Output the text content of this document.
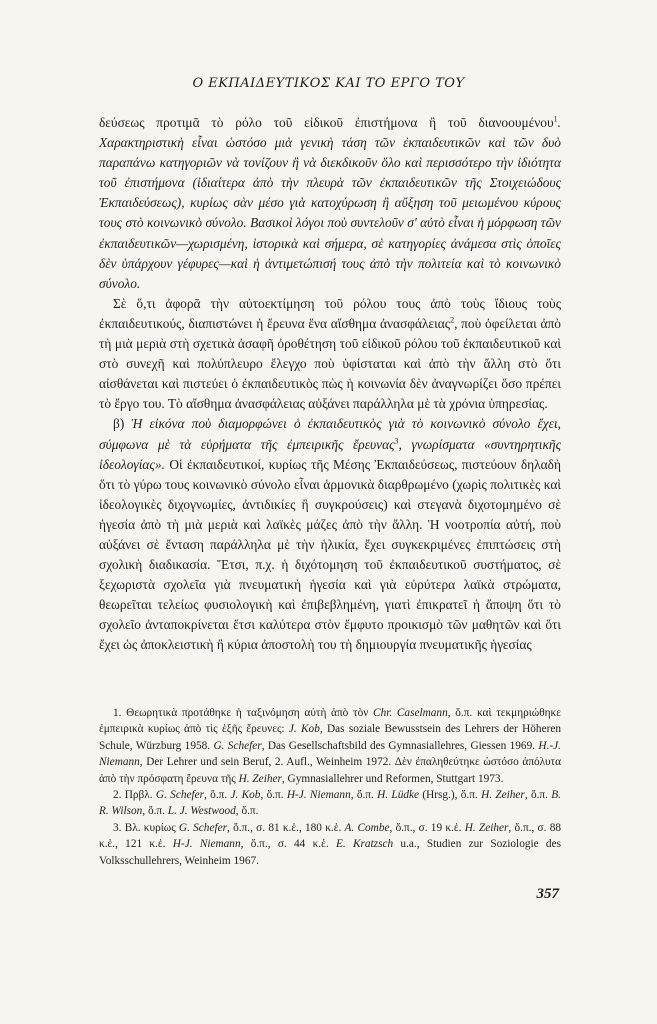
Ο ΕΚΠΑΙΔΕΥΤΙΚΟΣ ΚΑΙ ΤΟ ΕΡΓΟ ΤΟΥ

δεύσεως προτιμᾶ τὸ ρόλο τοῦ εἰδικοῦ ἐπιστήμονα ἢ τοῦ διανοουμένου$^1$. Χαρακτηριστικὴ εἶναι ὡστόσο μιὰ γενικὴ τάση τῶν ἐκπαιδευτικῶν καὶ τῶν δυὸ παραπάνω κατηγοριῶν νὰ τονίζουν ἢ νὰ διεκδικοῦν ὅλο καὶ περισσότερο τὴν ἰδιότητα τοῦ ἐπιστήμονα (ἰδιαίτερα ἀπὸ τὴν πλευρὰ τῶν ἐκπαιδευτικῶν τῆς Στοιχειώδους Ἐκπαιδεύσεως), κυρίως σὰν μέσο γιὰ κατοχύρωση ἢ αὔξηση τοῦ μειωμένου κύρους τους στὸ κοινωνικὸ σύνολο. Βασικοὶ λόγοι ποὺ συντελοῦν σ' αὐτὸ εἶναι ἡ μόρφωση τῶν ἐκπαιδευτικῶν—χωρισμένη, ἱστορικὰ καὶ σήμερα, σὲ κατηγορίες ἀνάμεσα στὶς ὁποῖες δὲν ὑπάρχουν γέφυρες—καὶ ἡ ἀντιμετώπισή τους ἀπὸ τὴν πολιτεία καὶ τὸ κοινωνικὸ σύνολο.

Σὲ ὅ,τι ἀφορᾶ τὴν αὐτοεκτίμηση τοῦ ρόλου τους ἀπὸ τοὺς ἴδιους τοὺς ἐκπαιδευτικούς, διαπιστώνει ἡ ἔρευνα ἕνα αἴσθημα ἀνασφάλειας$^2$, ποὺ ὀφείλεται ἀπὸ τὴ μιὰ μεριὰ στὴ σχετικὰ ἀσαφῆ ὀροθέτηση τοῦ εἰδικοῦ ρόλου τοῦ ἐκπαιδευτικοῦ καὶ στὸ συνεχῆ καὶ πολύπλευρο ἔλεγχο ποὺ ὑφίσταται καὶ ἀπὸ τὴν ἄλλη στὸ ὅτι αἰσθάνεται καὶ πιστεύει ὁ ἐκπαιδευτικὸς πὼς ἡ κοινωνία δὲν ἀναγνωρίζει ὅσο πρέπει τὸ ἔργο του. Τὸ αἴσθημα ἀνασφάλειας αὐξάνει παράλληλα μὲ τὰ χρόνια ὑπηρεσίας.

β) Ἡ εἰκόνα ποὺ διαμορφώνει ὁ ἐκπαιδευτικὸς γιὰ τὸ κοινωνικὸ σύνολο ἔχει, σύμφωνα μὲ τὰ εὑρήματα τῆς ἐμπειρικῆς ἔρευνας$^3$, γνωρίσματα «συντηρητικῆς ἰδεολογίας». Οἱ ἐκπαιδευτικοί, κυρίως τῆς Μέσης Ἐκπαιδεύσεως, πιστεύουν δηλαδὴ ὅτι τὸ γύρω τους κοινωνικὸ σύνολο εἶναι ἁρμονικὰ διαρθρωμένο (χωρὶς πολιτικὲς καὶ ἰδεολογικὲς διχογνωμίες, ἀντιδικίες ἢ συγκρούσεις) καὶ στεγανὰ διχοτομημένο σὲ ἡγεσία ἀπὸ τὴ μιὰ μεριὰ καὶ λαϊκὲς μάζες ἀπὸ τὴν ἄλλη. Ἡ νοοτροπία αὐτή, ποὺ αὐξάνει σὲ ἔνταση παράλληλα μὲ τὴν ἡλικία, ἔχει συγκεκριμένες ἐπιπτώσεις στὴ σχολικὴ διαδικασία. Ἔτσι, π.χ. ἡ διχότομηση τοῦ ἐκπαιδευτικοῦ συστήματος, σὲ ξεχωριστὰ σχολεῖα γιὰ πνευματικὴ ἡγεσία καὶ γιὰ εὐρύτερα λαϊκὰ στρώματα, θεωρεῖται τελείως φυσιολογικὴ καὶ ἐπιβεβλημένη, γιατὶ ἐπικρατεῖ ἡ ἄποψη ὅτι τὸ σχολεῖο ἀνταποκρίνεται ἔτσι καλύτερα στὸν ἔμφυτο προικισμὸ τῶν μαθητῶν καὶ ὅτι ἔχει ὡς ἀποκλειστικὴ ἢ κύρια ἀποστολὴ του τὴ δημιουργία πνευματικῆς ἡγεσίας

1. Θεωρητικὰ προτάθηκε ἡ ταξινόμηση αὐτὴ ἀπὸ τὸν Chr. Caselmann, ὅ.π. καὶ τεκμηριώθηκε ἐμπειρικὰ κυρίως ἀπὸ τὶς ἑξῆς ἔρευνες: J. Kob, Das soziale Bewusstsein des Lehrers der Höheren Schule, Würzburg 1958. G. Schefer, Das Gesellschaftsbild des Gymnasiallehres, Giessen 1969. H.-J. Niemann, Der Lehrer und sein Beruf, 2. Aufl., Weinheim 1972. Δὲν ἐπαληθεύτηκε ὡστόσο ἀπόλυτα ἀπὸ τὴν πρόσφατη ἔρευνα τῆς H. Zeiher, Gymnasiallehrer und Reformen, Stuttgart 1973.

2. Πρβλ. G. Schefer, ὅ.π. J. Kob, ὅ.π. H-J. Niemann, ὅ.π. H. Lüdke (Hrsg.), ὅ.π. H. Zeiher, ὅ.π. B. R. Wilson, ὅ.π. L. J. Westwood, ὅ.π.

3. Βλ. κυρίως G. Schefer, ὅ.π., σ. 81 κ.ἑ., 180 κ.ἑ. A. Combe, ὅ.π., σ. 19 κ.ἑ. H. Zeiher, ὅ.π., σ. 88 κ.ἑ., 121 κ.ἑ. H-J. Niemann, ὅ.π., σ. 44 κ.ἑ. E. Kratzsch u.a., Studien zur Soziologie des Volksschullehrers, Weinheim 1967.

357
